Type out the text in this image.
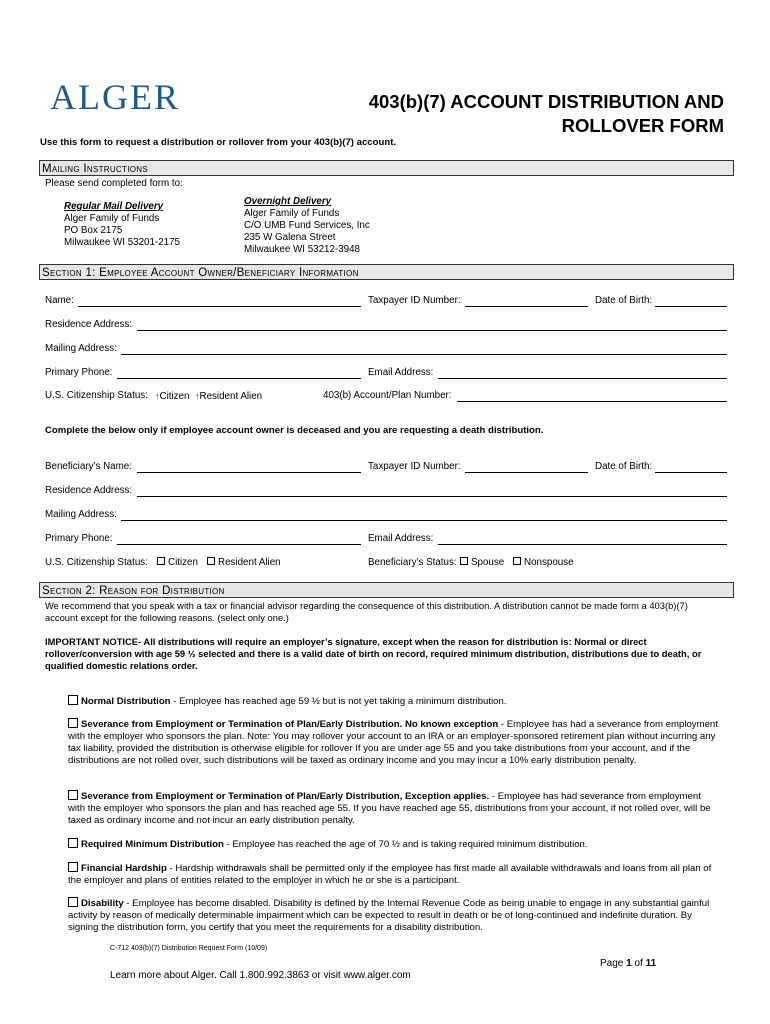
ALGER	403(b)(7) ACCOUNT DISTRIBUTION AND
ROLLOVER FORM
Use this form to request a distribution or rollover from your 403(b)(7) account.
Mailing Instructions
Please send completed form to:
Regular Mail Delivery
Alger Family of Funds
PO Box 2175
Milwaukee WI 53201-2175
Overnight Delivery
Alger Family of Funds
C/O UMB Fund Services, Inc
235 W Galena Street
Milwaukee WI 53212-3948
Section 1: Employee Account Owner/Beneficiary Information
Name:	Taxpayer ID Number:	Date of Birth:
Residence Address:
Mailing Address:
Primary Phone:	Email Address:
U.S. Citizenship Status: ↑Citizen ↑Resident Alien	403(b) Account/Plan Number:
Complete the below only if employee account owner is deceased and you are requesting a death distribution.
Beneficiary’s Name:	Taxpayer ID Number:	Date of Birth:
Residence Address:
Mailing Address:
Primary Phone:	Email Address:
U.S. Citizenship Status:	Citizen	Resident Alien	Beneficiary’s Status:	Spouse	Nonspouse
Section 2: Reason for Distribution
We recommend that you speak with a tax or financial advisor regarding the consequence of this distribution. A distribution cannot be made form a 403(b)(7) account except for the following reasons. (select only one.)
IMPORTANT NOTICE- All distributions will require an employer’s signature, except when the reason for distribution is: Normal or direct rollover/conversion with age 59 ½ selected and there is a valid date of birth on record, required minimum distribution, distributions due to death, or qualified domestic relations order.
Normal Distribution - Employee has reached age 59 ½ but is not yet taking a minimum distribution.
Severance from Employment or Termination of Plan/Early Distribution. No known exception - Employee has had a severance from employment with the employer who sponsors the plan. Note: You may rollover your account to an IRA or an employer-sponsored retirement plan without incurring any tax liability, provided the distribution is otherwise eligible for rollover If you are under age 55 and you take distributions from your account, and if the distributions are not rolled over, such distributions will be taxed as ordinary income and you may incur a 10% early distribution penalty.
Severance from Employment or Termination of Plan/Early Distribution, Exception applies. - Employee has had severance from employment with the employer who sponsors the plan and has reached age 55. If you have reached age 55, distributions from your account, if not rolled over, will be taxed as ordinary income and not incur an early distribution penalty.
Required Minimum Distribution - Employee has reached the age of 70 ½ and is taking required minimum distribution.
Financial Hardship - Hardship withdrawals shall be permitted only if the employee has first made all available withdrawals and loans from all plan of the employer and plans of entities related to the employer in which he or she is a participant.
Disability - Employee has become disabled. Disability is defined by the Internal Revenue Code as being unable to engage in any substantial gainful activity by reason of medically determinable impairment which can be expected to result in death or be of long-continued and indefinite duration. By signing the distribution form, you certify that you meet the requirements for a disability distribution.
C-712 403(b)(7) Distribution Request Form (10/09)
Page 1 of 11
Learn more about Alger. Call 1.800.992.3863 or visit www.alger.com
